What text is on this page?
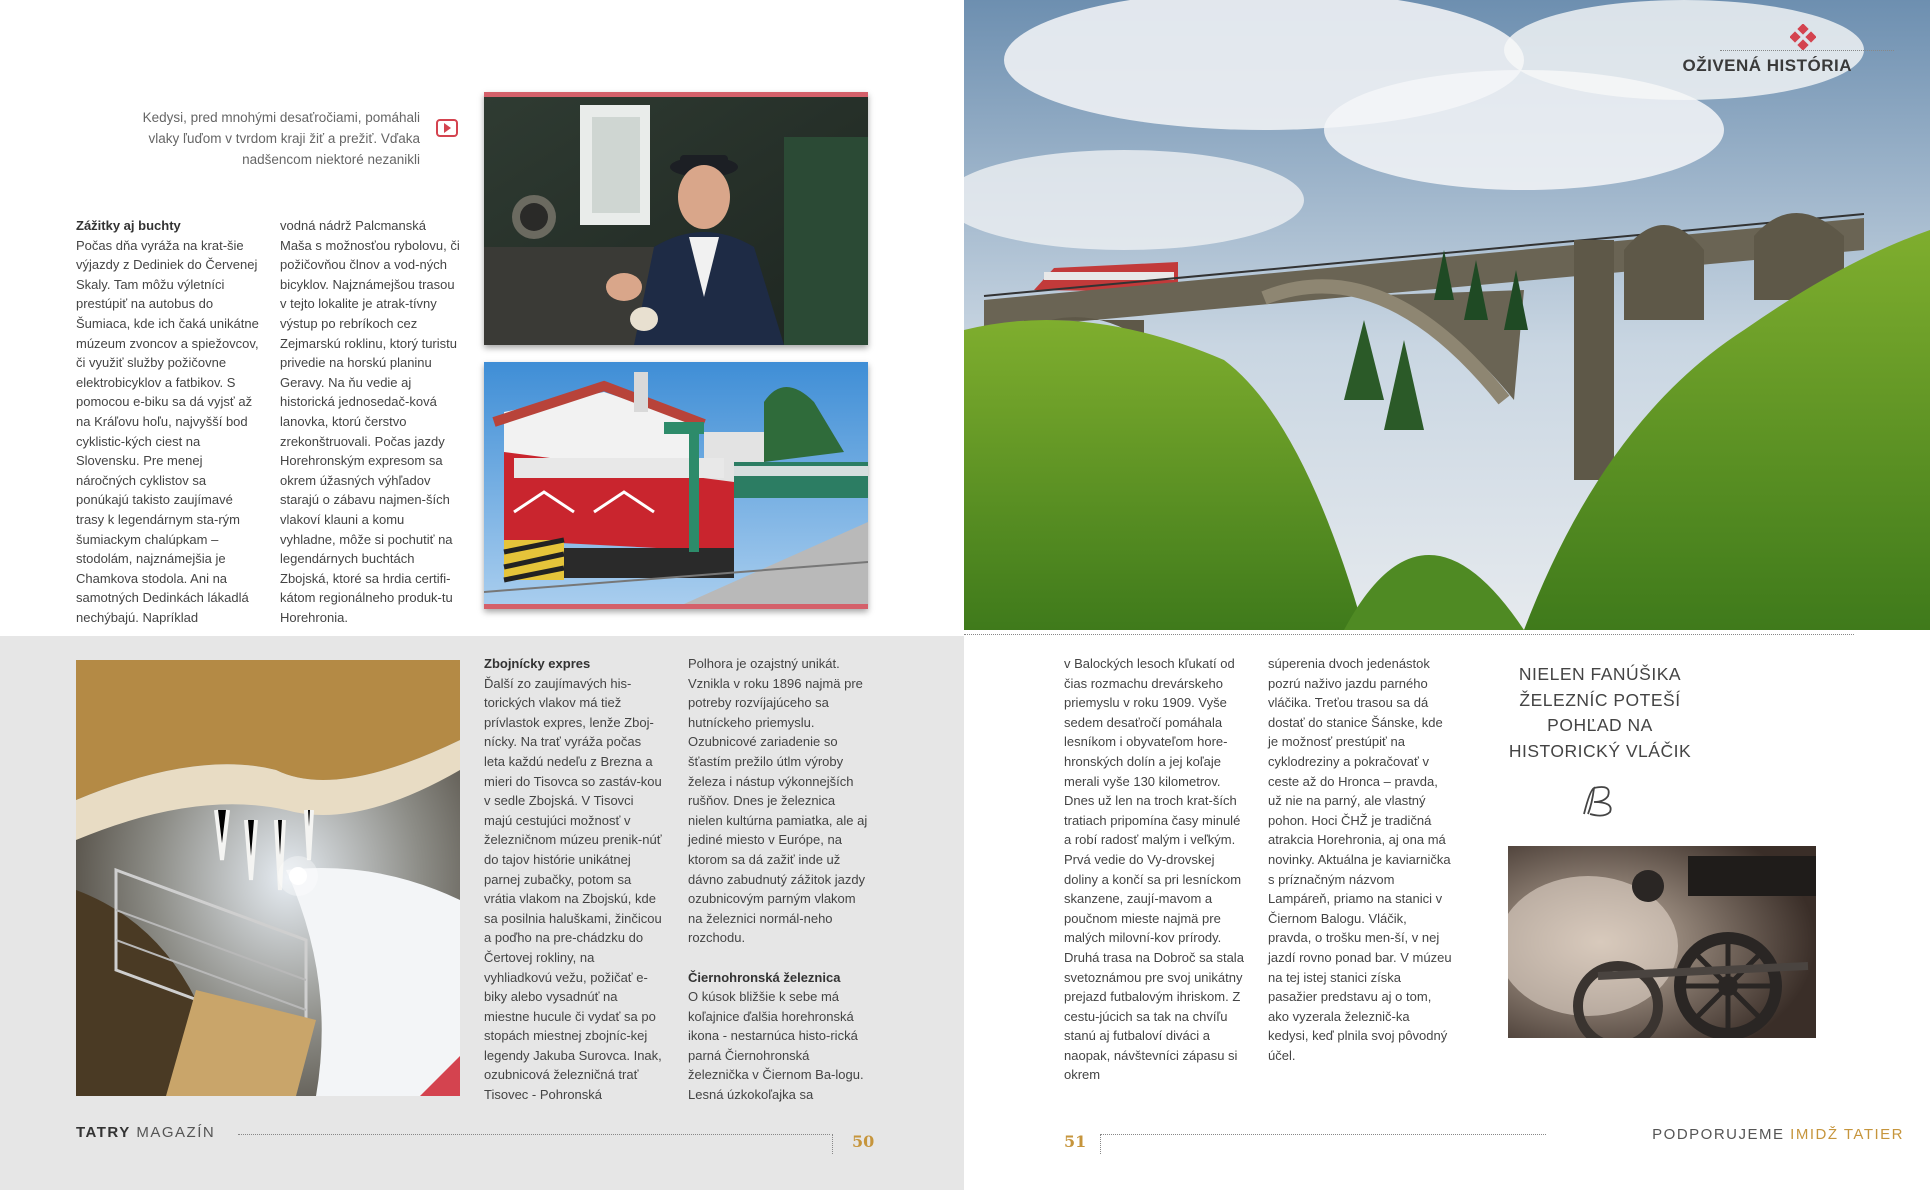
Kedysi, pred mnohými desaťročiami, pomáhali vlaky ľuďom v tvrdom kraji žiť a prežiť. Vďaka nadšencom niektoré nezanikli
Zážitky aj buchty

Počas dňa vyráža na krat-šie výjazdy z Dediniek do Červenej Skaly. Tam môžu výletníci prestúpiť na autobus do Šumiaca, kde ich čaká unikátne múzeum zvoncov a spiežovcov, či využiť služby požičovne elektrobicyklov a fatbikov. S pomocou e-biku sa dá vyjsť až na Kráľovu hoľu, najvyšší bod cyklistic-kých ciest na Slovensku. Pre menej náročných cyklistov sa ponúkajú takisto zaujímavé trasy k legendárnym sta-rým šumiackym chalúpkam – stodolám, najznámejšia je Chamkova stodola. Ani na samotných Dedinkách lákadlá nechýbajú. Napríklad

vodná nádrž Palcmanská Maša s možnosťou rybolovu, či požičovňou člnov a vod-ných bicyklov. Najznámejšou trasou v tejto lokalite je atrak-tívny výstup po rebríkoch cez Zejmarskú roklinu, ktorý turistu privedie na horskú planinu Geravy. Na ňu vedie aj historická jednosedač-ková lanovka, ktorú čerstvo zrekonštruovali. Počas jazdy Horehronským expresom sa okrem úžasných výhľadov starajú o zábavu najmen-ších vlakoví klauni a komu vyhladne, môže si pochutiť na legendárnych buchtách Zbojská, ktoré sa hrdia certifi-kátom regionálneho produk-tu Horehronia.

Zbojnícky expres

Ďalší zo zaujímavých his-torických vlakov má tiež prívlastok expres, lenže Zboj-nícky. Na trať vyráža počas leta každú nedeľu z Brezna a mieri do Tisovca so zastáv-kou v sedle Zbojská. V Tisovci majú cestujúci možnosť v železničnom múzeu prenik-núť do tajov histórie unikátnej parnej zubačky, potom sa vrátia vlakom na Zbojskú, kde sa posilnia haluškami, žinčicou a poďho na pre-chádzku do Čertovej rokliny, na vyhliadkovú vežu, požičať e-biky alebo vysadnúť na miestne hucule či vydať sa po stopách miestnej zbojníc-kej legendy Jakuba Surovca. Inak, ozubnicová železničná trať Tisovec - Pohronská

Polhora je ozajstný unikát. Vznikla v roku 1896 najmä pre potreby rozvíjajúceho sa hutníckeho priemyslu. Ozubnicové zariadenie so šťastím prežilo útlm výroby železa i nástup výkonnejších rušňov. Dnes je železnica nielen kultúrna pamiatka, ale aj jediné miesto v Európe, na ktorom sa dá zažiť inde už dávno zabudnutý zážitok jazdy ozubnicovým parným vlakom na železnici normál-neho rozchodu.

Čiernohronská železnica

O kúsok bližšie k sebe má koľajnice ďalšia horehronská ikona - nestarnúca histo-rická parná Čiernohronská železnička v Čiernom Ba-logu. Lesná úzkokoľajka sa

TATRY MAGAZÍN	50
OŽIVENÁ HISTÓRIA

v Balockých lesoch kľukatí od čias rozmachu drevárskeho priemyslu v roku 1909. Vyše sedem desaťročí pomáhala lesníkom i obyvateľom hore-hronských dolín a jej koľaje merali vyše 130 kilometrov. Dnes už len na troch krat-ších tratiach pripomína časy minulé a robí radosť malým i veľkým. Prvá vedie do Vy-drovskej doliny a končí sa pri lesníckom skanzene, zaují-mavom a poučnom mieste najmä pre malých milovní-kov prírody. Druhá trasa na Dobroč sa stala svetoznámou pre svoj unikátny prejazd futbalovým ihriskom. Z cestu-júcich sa tak na chvíľu stanú aj futbaloví diváci a naopak, návštevníci zápasu si okrem

súperenia dvoch jedenástok pozrú naživo jazdu parného vláčika. Treťou trasou sa dá dostať do stanice Šánske, kde je možnosť prestúpiť na cyklodreziny a pokračovať v ceste až do Hronca – pravda, už nie na parný, ale vlastný pohon. Hoci ČHŽ je tradičná atrakcia Horehronia, aj ona má novinky. Aktuálna je kaviarnička s príznačným názvom Lampáreň, priamo na stanici v Čiernom Balogu. Vláčik, pravda, o trošku men-ší, v nej jazdí rovno ponad bar. V múzeu na tej istej stanici získa pasažier predstavu aj o tom, ako vyzerala železnič-ka kedysi, keď plnila svoj pôvodný účel.

NIELEN FANÚŠIKA ŽELEZNÍC POTEŠÍ POHĽAD NA HISTORICKÝ VLÁČIK
51	PODPORUJEME IMIDŽ TATIER
